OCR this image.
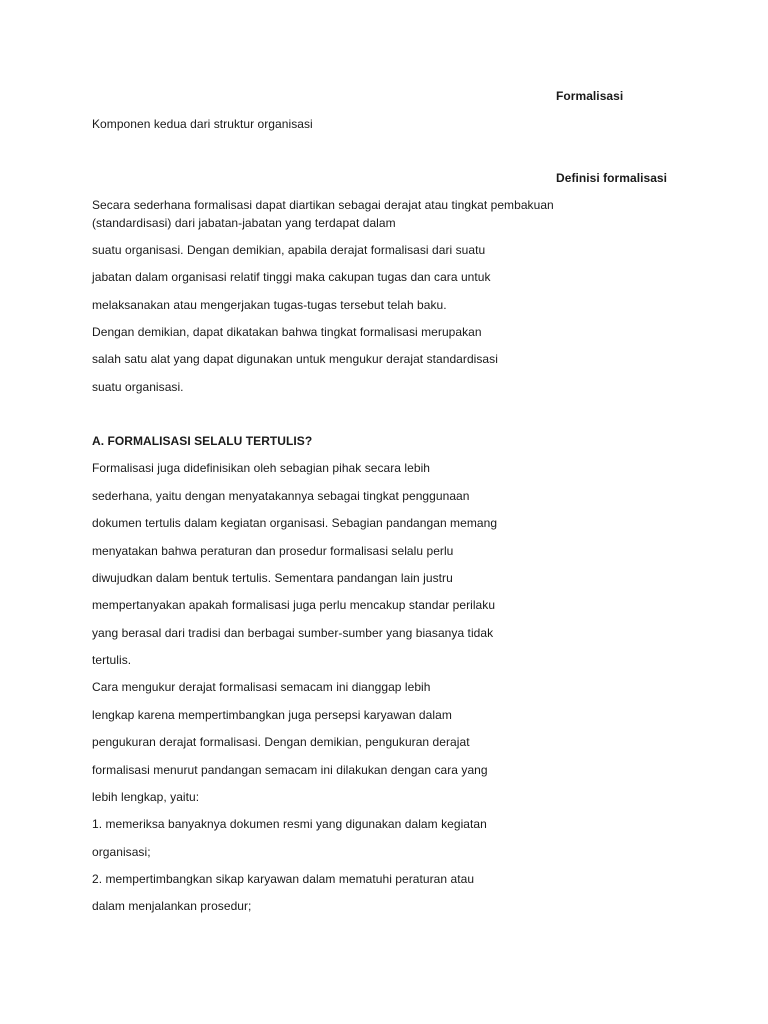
Formalisasi
Komponen kedua dari struktur organisasi
Definisi formalisasi
Secara sederhana formalisasi dapat diartikan sebagai derajat atau tingkat pembakuan
(standardisasi) dari jabatan-jabatan yang terdapat dalam
suatu organisasi. Dengan demikian, apabila derajat formalisasi dari suatu
jabatan dalam organisasi relatif tinggi maka cakupan tugas dan cara untuk
melaksanakan atau mengerjakan tugas-tugas tersebut telah baku.
Dengan demikian, dapat dikatakan bahwa tingkat formalisasi merupakan
salah satu alat yang dapat digunakan untuk mengukur derajat standardisasi
suatu organisasi.
A. FORMALISASI SELALU TERTULIS?
Formalisasi juga didefinisikan oleh sebagian pihak secara lebih
sederhana, yaitu dengan menyatakannya sebagai tingkat penggunaan
dokumen tertulis dalam kegiatan organisasi. Sebagian pandangan memang
menyatakan bahwa peraturan dan prosedur formalisasi selalu perlu
diwujudkan dalam bentuk tertulis. Sementara pandangan lain justru
mempertanyakan apakah formalisasi juga perlu mencakup standar perilaku
yang berasal dari tradisi dan berbagai sumber-sumber yang biasanya tidak
tertulis.
Cara mengukur derajat formalisasi semacam ini dianggap lebih
lengkap karena mempertimbangkan juga persepsi karyawan dalam
pengukuran derajat formalisasi. Dengan demikian, pengukuran derajat
formalisasi menurut pandangan semacam ini dilakukan dengan cara yang
lebih lengkap, yaitu:
1. memeriksa banyaknya dokumen resmi yang digunakan dalam kegiatan
organisasi;
2. mempertimbangkan sikap karyawan dalam mematuhi peraturan atau
dalam menjalankan prosedur;
